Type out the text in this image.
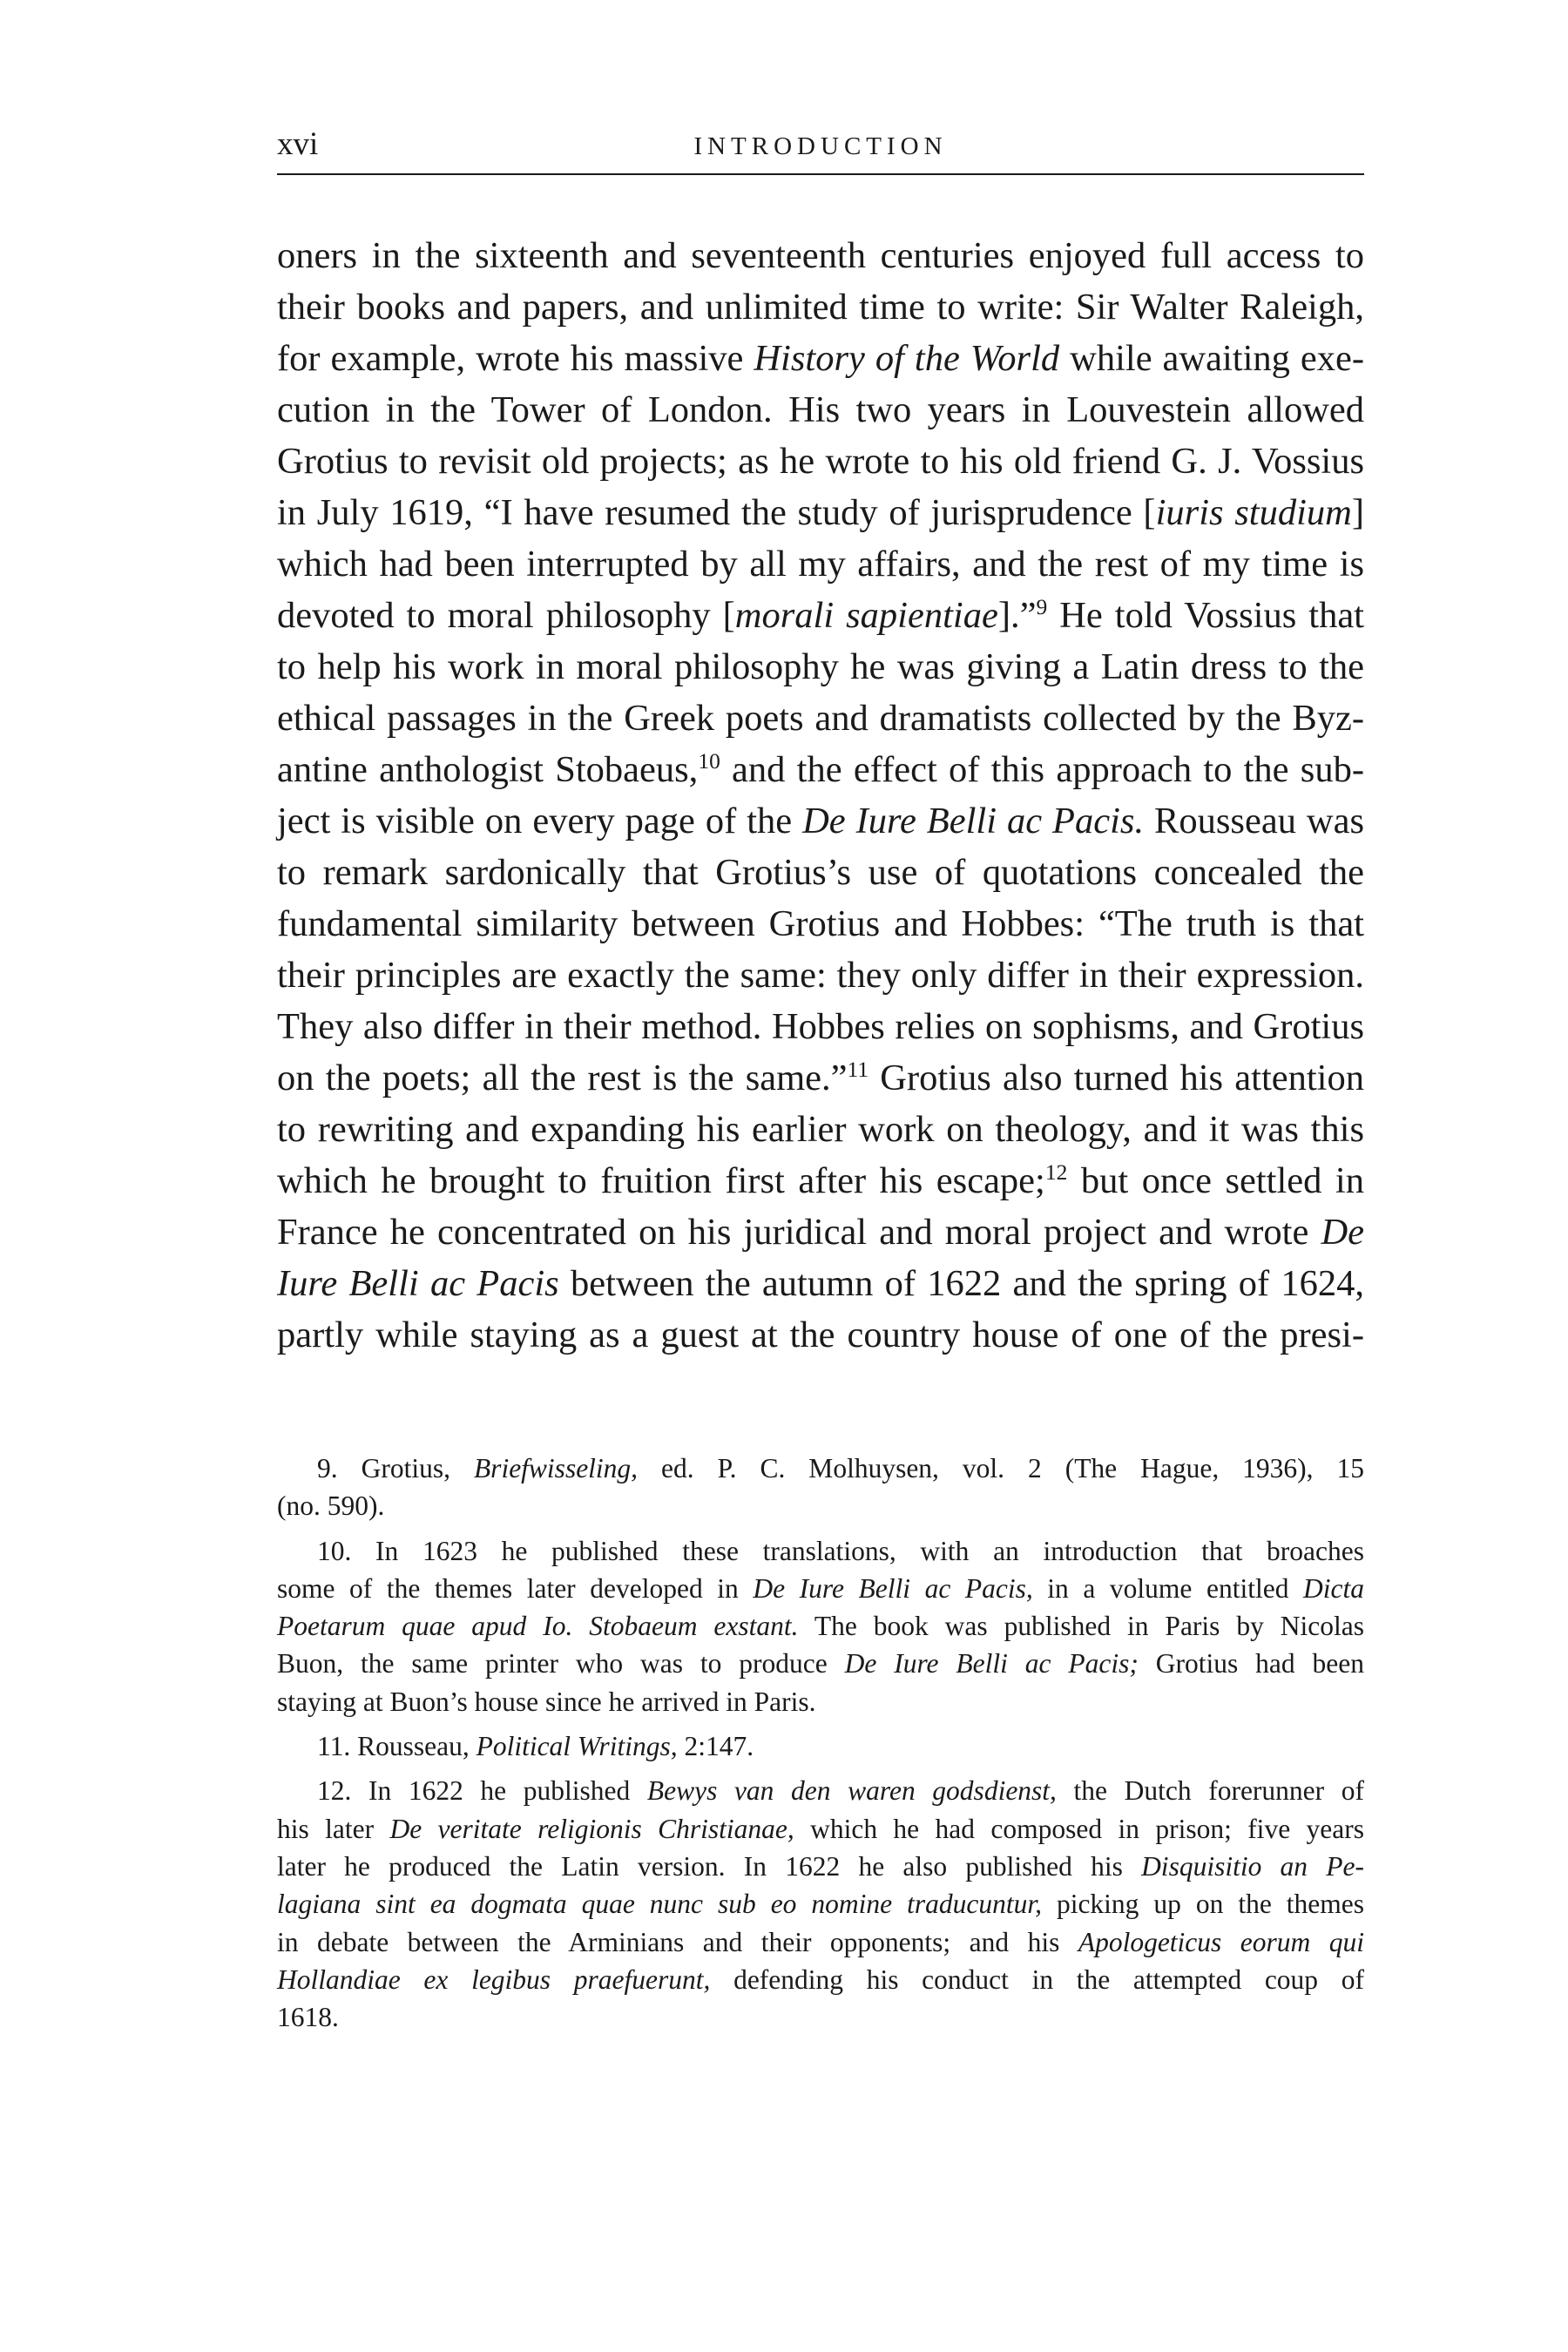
xvi	INTRODUCTION
oners in the sixteenth and seventeenth centuries enjoyed full access to
their books and papers, and unlimited time to write: Sir Walter Raleigh,
for example, wrote his massive History of the World while awaiting exe-
cution in the Tower of London. His two years in Louvestein allowed
Grotius to revisit old projects; as he wrote to his old friend G. J. Vossius
in July 1619, “I have resumed the study of jurisprudence [iuris studium]
which had been interrupted by all my affairs, and the rest of my time is
devoted to moral philosophy [morali sapientiae].”$^9$ He told Vossius that
to help his work in moral philosophy he was giving a Latin dress to the
ethical passages in the Greek poets and dramatists collected by the Byz-
antine anthologist Stobaeus,$^{10}$ and the effect of this approach to the sub-
ject is visible on every page of the De Iure Belli ac Pacis. Rousseau was
to remark sardonically that Grotius’s use of quotations concealed the
fundamental similarity between Grotius and Hobbes: “The truth is that
their principles are exactly the same: they only differ in their expression.
They also differ in their method. Hobbes relies on sophisms, and Grotius
on the poets; all the rest is the same.”$^{11}$ Grotius also turned his attention
to rewriting and expanding his earlier work on theology, and it was this
which he brought to fruition first after his escape;$^{12}$ but once settled in
France he concentrated on his juridical and moral project and wrote De
Iure Belli ac Pacis between the autumn of 1622 and the spring of 1624,
partly while staying as a guest at the country house of one of the presi-
9. Grotius, Briefwisseling, ed. P. C. Molhuysen, vol. 2 (The Hague, 1936), 15
(no. 590).
10. In 1623 he published these translations, with an introduction that broaches
some of the themes later developed in De Iure Belli ac Pacis, in a volume entitled Dicta
Poetarum quae apud Io. Stobaeum exstant. The book was published in Paris by Nicolas
Buon, the same printer who was to produce De Iure Belli ac Pacis; Grotius had been
staying at Buon’s house since he arrived in Paris.
11. Rousseau, Political Writings, 2:147.
12. In 1622 he published Bewys van den waren godsdienst, the Dutch forerunner of
his later De veritate religionis Christianae, which he had composed in prison; five years
later he produced the Latin version. In 1622 he also published his Disquisitio an Pe-
lagiana sint ea dogmata quae nunc sub eo nomine traducuntur, picking up on the themes
in debate between the Arminians and their opponents; and his Apologeticus eorum qui
Hollandiae ex legibus praefuerunt, defending his conduct in the attempted coup of
1618.
